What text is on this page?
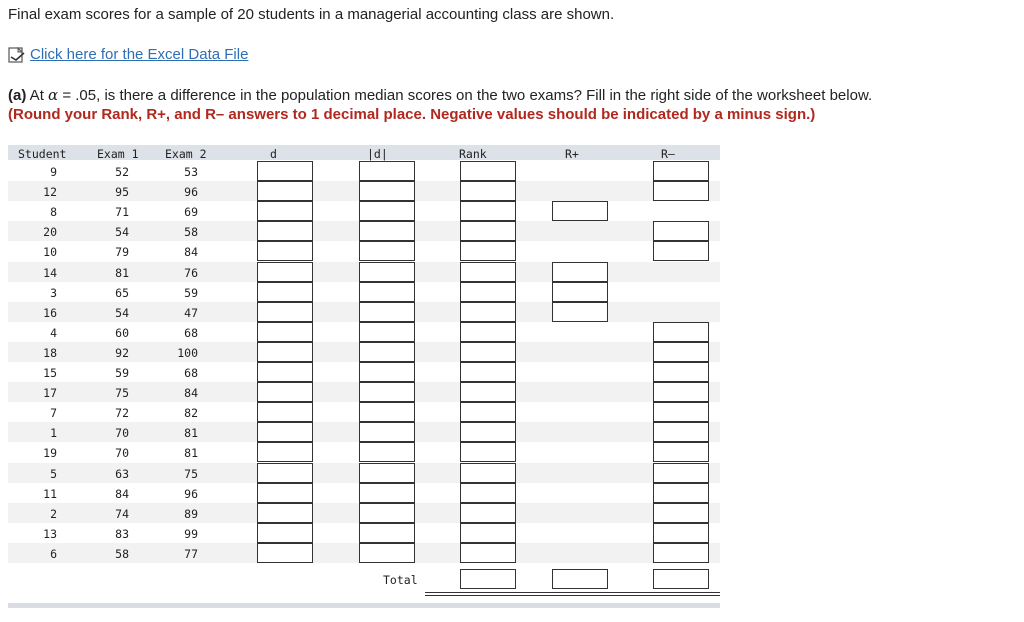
Final exam scores for a sample of 20 students in a managerial accounting class are shown.
Click here for the Excel Data File
(a) At α = .05, is there a difference in the population median scores on the two exams? Fill in the right side of the worksheet below.
(Round your Rank, R+, and R– answers to 1 decimal place. Negative values should be indicated by a minus sign.)
Student	Exam 1 Exam 2	d	|d|	Rank	R+	R–
9	52	53
12	95	96
8	71	69
20	54	58
10	79	84
14	81	76
3	65	59
16	54	47
4	60	68
18	92	100
15	59	68
17	75	84
7	72	82
1	70	81
19	70	81
5	63	75
11	84	96
2	74	89
13	83	99
6	58	77
Total
